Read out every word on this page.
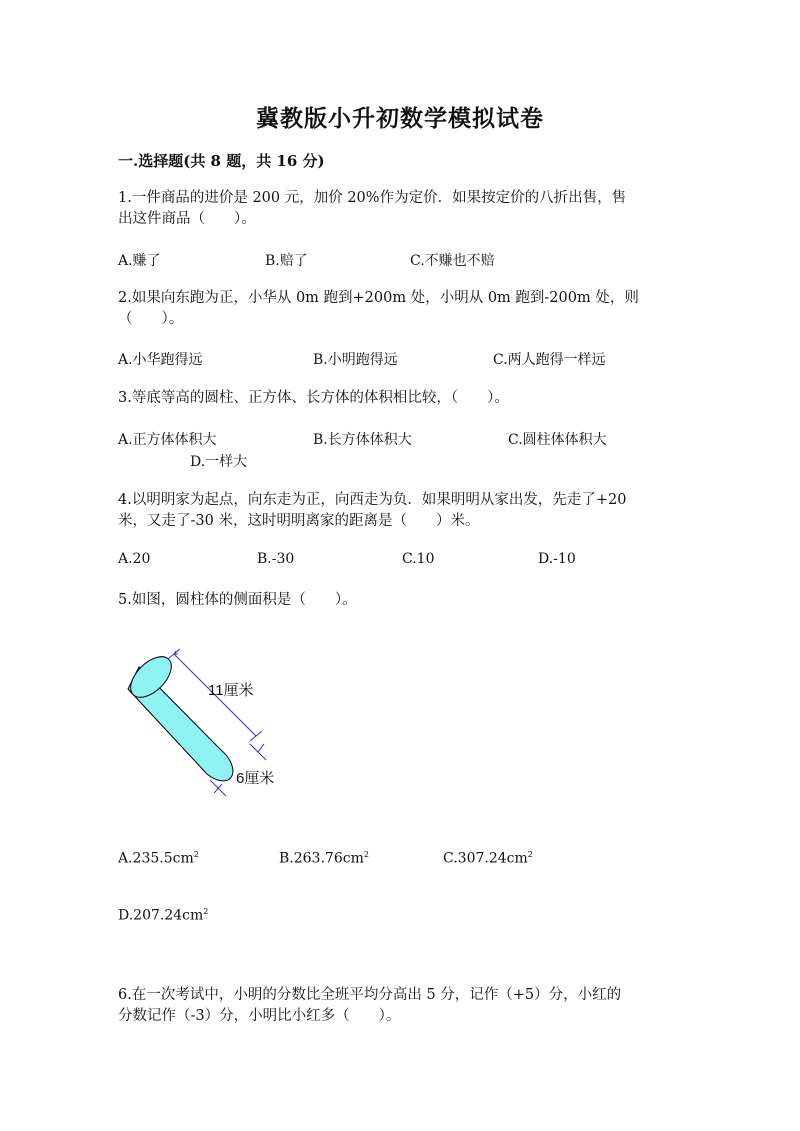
冀教版小升初数学模拟试卷
一.选择题(共 8 题，共 16 分)
1.一件商品的进价是 200 元，加价 20%作为定价．如果按定价的八折出售，售
出这件商品（　　）。
A.赚了	B.赔了	C.不赚也不赔
2.如果向东跑为正，小华从 0m 跑到+200m 处，小明从 0m 跑到-200m 处，则
（　　）。
A.小华跑得远	B.小明跑得远	C.两人跑得一样远
3.等底等高的圆柱、正方体、长方体的体积相比较，（　　）。
A.正方体体积大	B.长方体体积大	C.圆柱体体积大
D.一样大
4.以明明家为起点，向东走为正，向西走为负．如果明明从家出发，先走了+20
米，又走了-30 米，这时明明离家的距离是（　　）米。
A.20	B.-30	C.10	D.-10
5.如图，圆柱体的侧面积是（　　）。
11厘米
6厘米
$A.235.5cm^2$	$B.263.76cm^2$	$C.307.24cm^2$
$D.207.24cm^2$
6.在一次考试中，小明的分数比全班平均分高出 5 分，记作（+5）分，小红的
分数记作（-3）分，小明比小红多（　　）。
